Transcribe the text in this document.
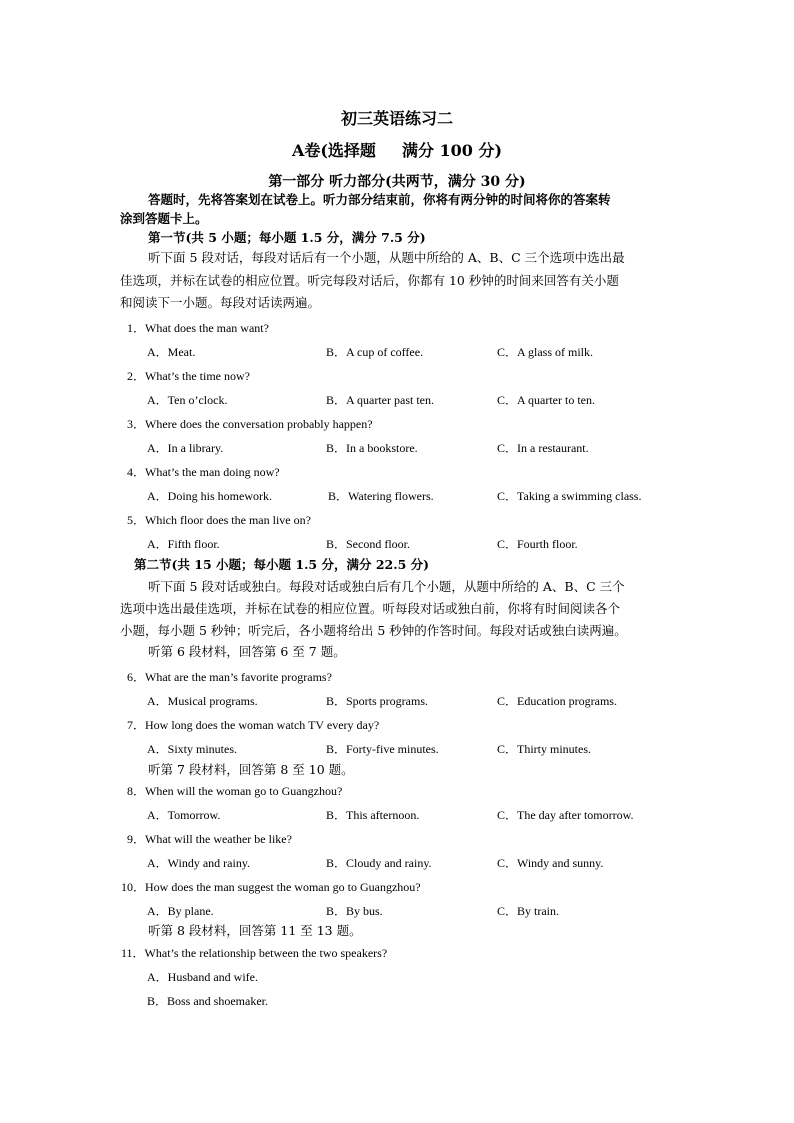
初三英语练习二
A卷(选择题 满分 100 分)
第一部分 听力部分(共两节，满分 30 分)
答题时，先将答案划在试卷上。听力部分结束前，你将有两分钟的时间将你的答案转
涂到答题卡上。
第一节(共 5 小题；每小题 1.5 分，满分 7.5 分)
听下面 5 段对话，每段对话后有一个小题，从题中所给的 A、B、C 三个选项中选出最
佳选项，并标在试卷的相应位置。听完每段对话后，你都有 10 秒钟的时间来回答有关小题
和阅读下一小题。每段对话读两遍。
1．What does the man want?
A．Meat.	B．A cup of coffee.	C．A glass of milk.
2．What’s the time now?
A．Ten o’clock.	B．A quarter past ten.	C．A quarter to ten.
3．Where does the conversation probably happen?
A．In a library.	B．In a bookstore.	C．In a restaurant.
4．What’s the man doing now?
A．Doing his homework.	B．Watering flowers.	C．Taking a swimming class.
5．Which floor does the man live on?
A．Fifth floor.	B．Second floor.	C．Fourth floor.
第二节(共 15 小题；每小题 1.5 分，满分 22.5 分)
听下面 5 段对话或独白。每段对话或独白后有几个小题，从题中所给的 A、B、C 三个
选项中选出最佳选项，并标在试卷的相应位置。听每段对话或独白前，你将有时间阅读各个
小题，每小题 5 秒钟；听完后，各小题将给出 5 秒钟的作答时间。每段对话或独白读两遍。
听第 6 段材料，回答第 6 至 7 题。
6．What are the man’s favorite programs?
A．Musical programs.	B．Sports programs.	C．Education programs.
7．How long does the woman watch TV every day?
A．Sixty minutes.	B．Forty-five minutes.	C．Thirty minutes.
听第 7 段材料，回答第 8 至 10 题。
8．When will the woman go to Guangzhou?
A．Tomorrow.	B．This afternoon.	C．The day after tomorrow.
9．What will the weather be like?
A．Windy and rainy.	B．Cloudy and rainy.	C．Windy and sunny.
10．How does the man suggest the woman go to Guangzhou?
A．By plane.	B．By bus.	C．By train.
听第 8 段材料，回答第 11 至 13 题。
11．What’s the relationship between the two speakers?
A．Husband and wife.
B．Boss and shoemaker.
